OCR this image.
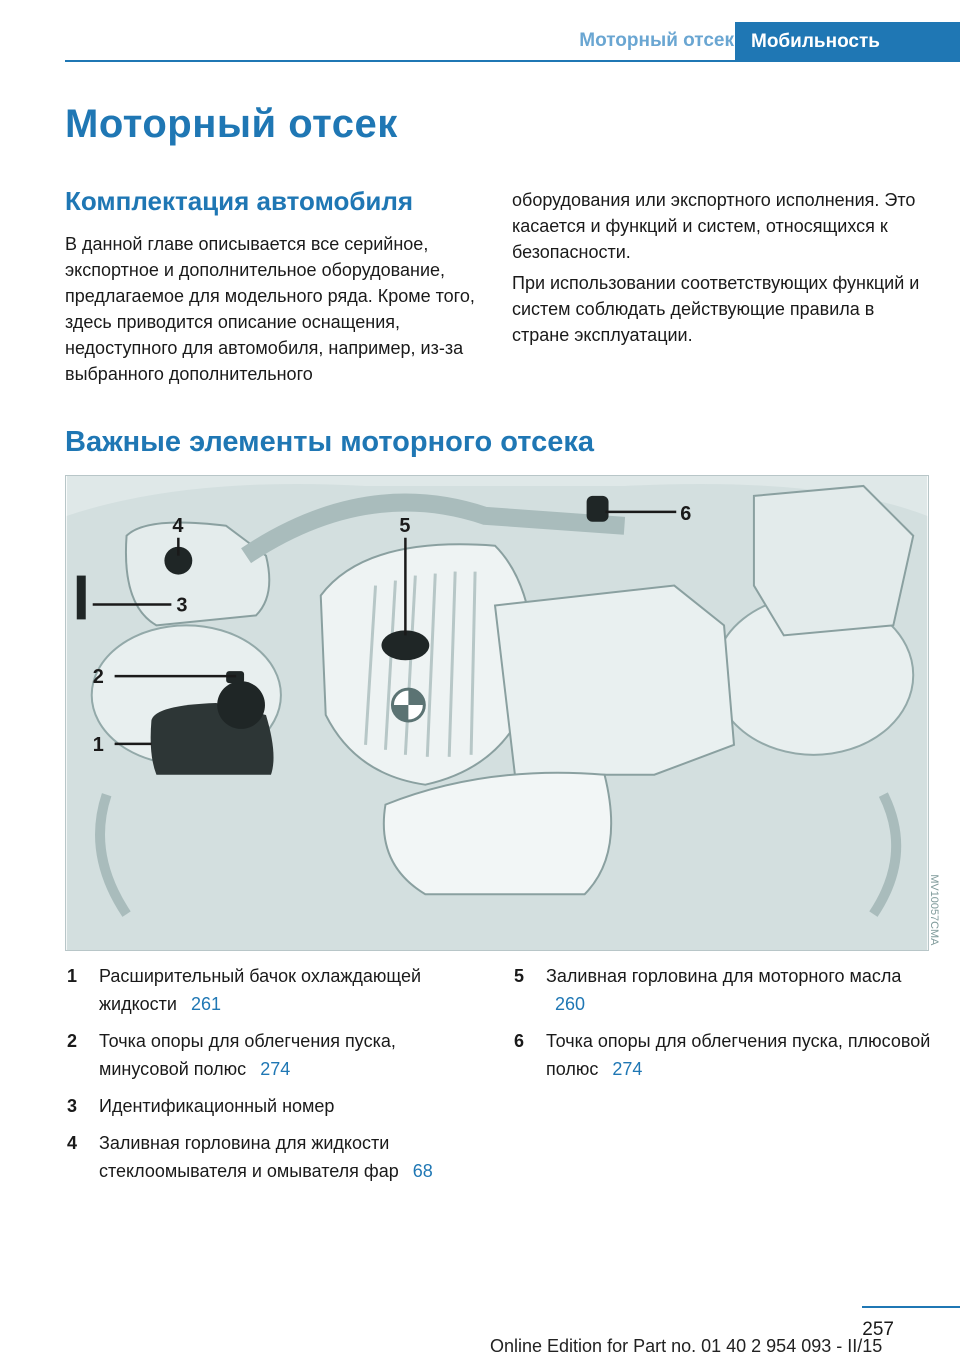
Моторный отсек Мобильность
Моторный отсек
Комплектация автомобиля

В данной главе описывается все серийное, экспортное и дополнительное оборудование, предлагаемое для модельного ряда. Кроме того, здесь приводится описание оснащения, недоступного для автомобиля, например, из-за выбранного дополнительного

оборудования или экспортного исполнения. Это касается и функций и систем, относящихся к безопасности.

При использовании соответствующих функций и систем соблюдать действующие правила в стране эксплуатации.

Важные элементы моторного отсека
1
2
3
4	5
6
MV10057CMA
1 Расширительный бачок охлаждающей жидкости 261
2 Точка опоры для облегчения пуска, минусовой полюс 274
3 Идентификационный номер
4 Заливная горловина для жидкости стеклоомывателя и омывателя фар 68
5 Заливная горловина для моторного масла 260
6 Точка опоры для облегчения пуска, плюсовой полюс 274
257
Online Edition for Part no. 01 40 2 954 093 - II/15
